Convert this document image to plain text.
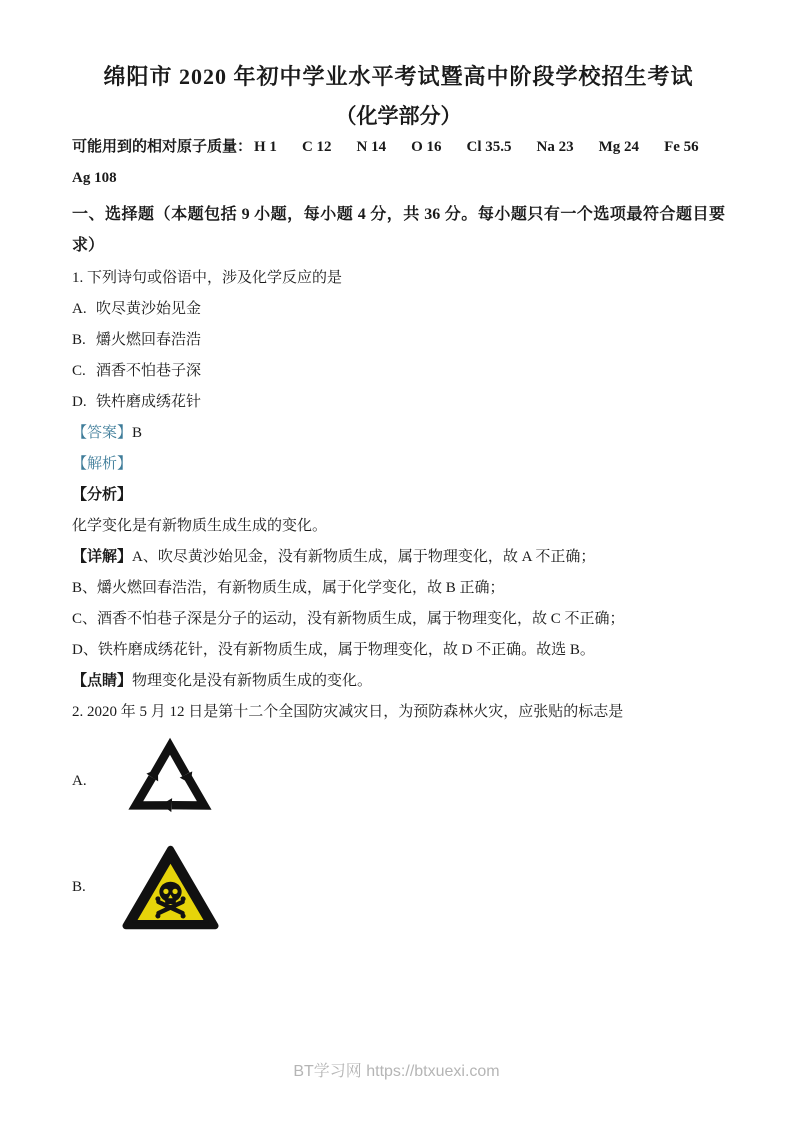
绵阳市 2020 年初中学业水平考试暨高中阶段学校招生考试
（化学部分）

可能用到的相对原子质量： H 1 C 12 N 14 O 16 Cl 35.5 Na 23 Mg 24 Fe 56

Ag 108

一、选择题（本题包括 9 小题，每小题 4 分，共 36 分。每小题只有一个选项最符合题目要求）

1. 下列诗句或俗语中，涉及化学反应的是

A. 吹尽黄沙始见金

B. 爝火燃回春浩浩

C. 酒香不怕巷子深

D. 铁杵磨成绣花针

【答案】B

【解析】

【分析】

化学变化是有新物质生成生成的变化。

【详解】A、吹尽黄沙始见金，没有新物质生成，属于物理变化，故 A 不正确；

B、爝火燃回春浩浩，有新物质生成，属于化学变化，故 B 正确；

C、酒香不怕巷子深是分子的运动，没有新物质生成，属于物理变化，故 C 不正确；

D、铁杵磨成绣花针，没有新物质生成，属于物理变化，故 D 不正确。故选 B。

【点睛】物理变化是没有新物质生成的变化。

2. 2020 年 5 月 12 日是第十二个全国防灾减灾日，为预防森林火灾，应张贴的标志是

A.
B.
BT学习网 https://btxuexi.com
